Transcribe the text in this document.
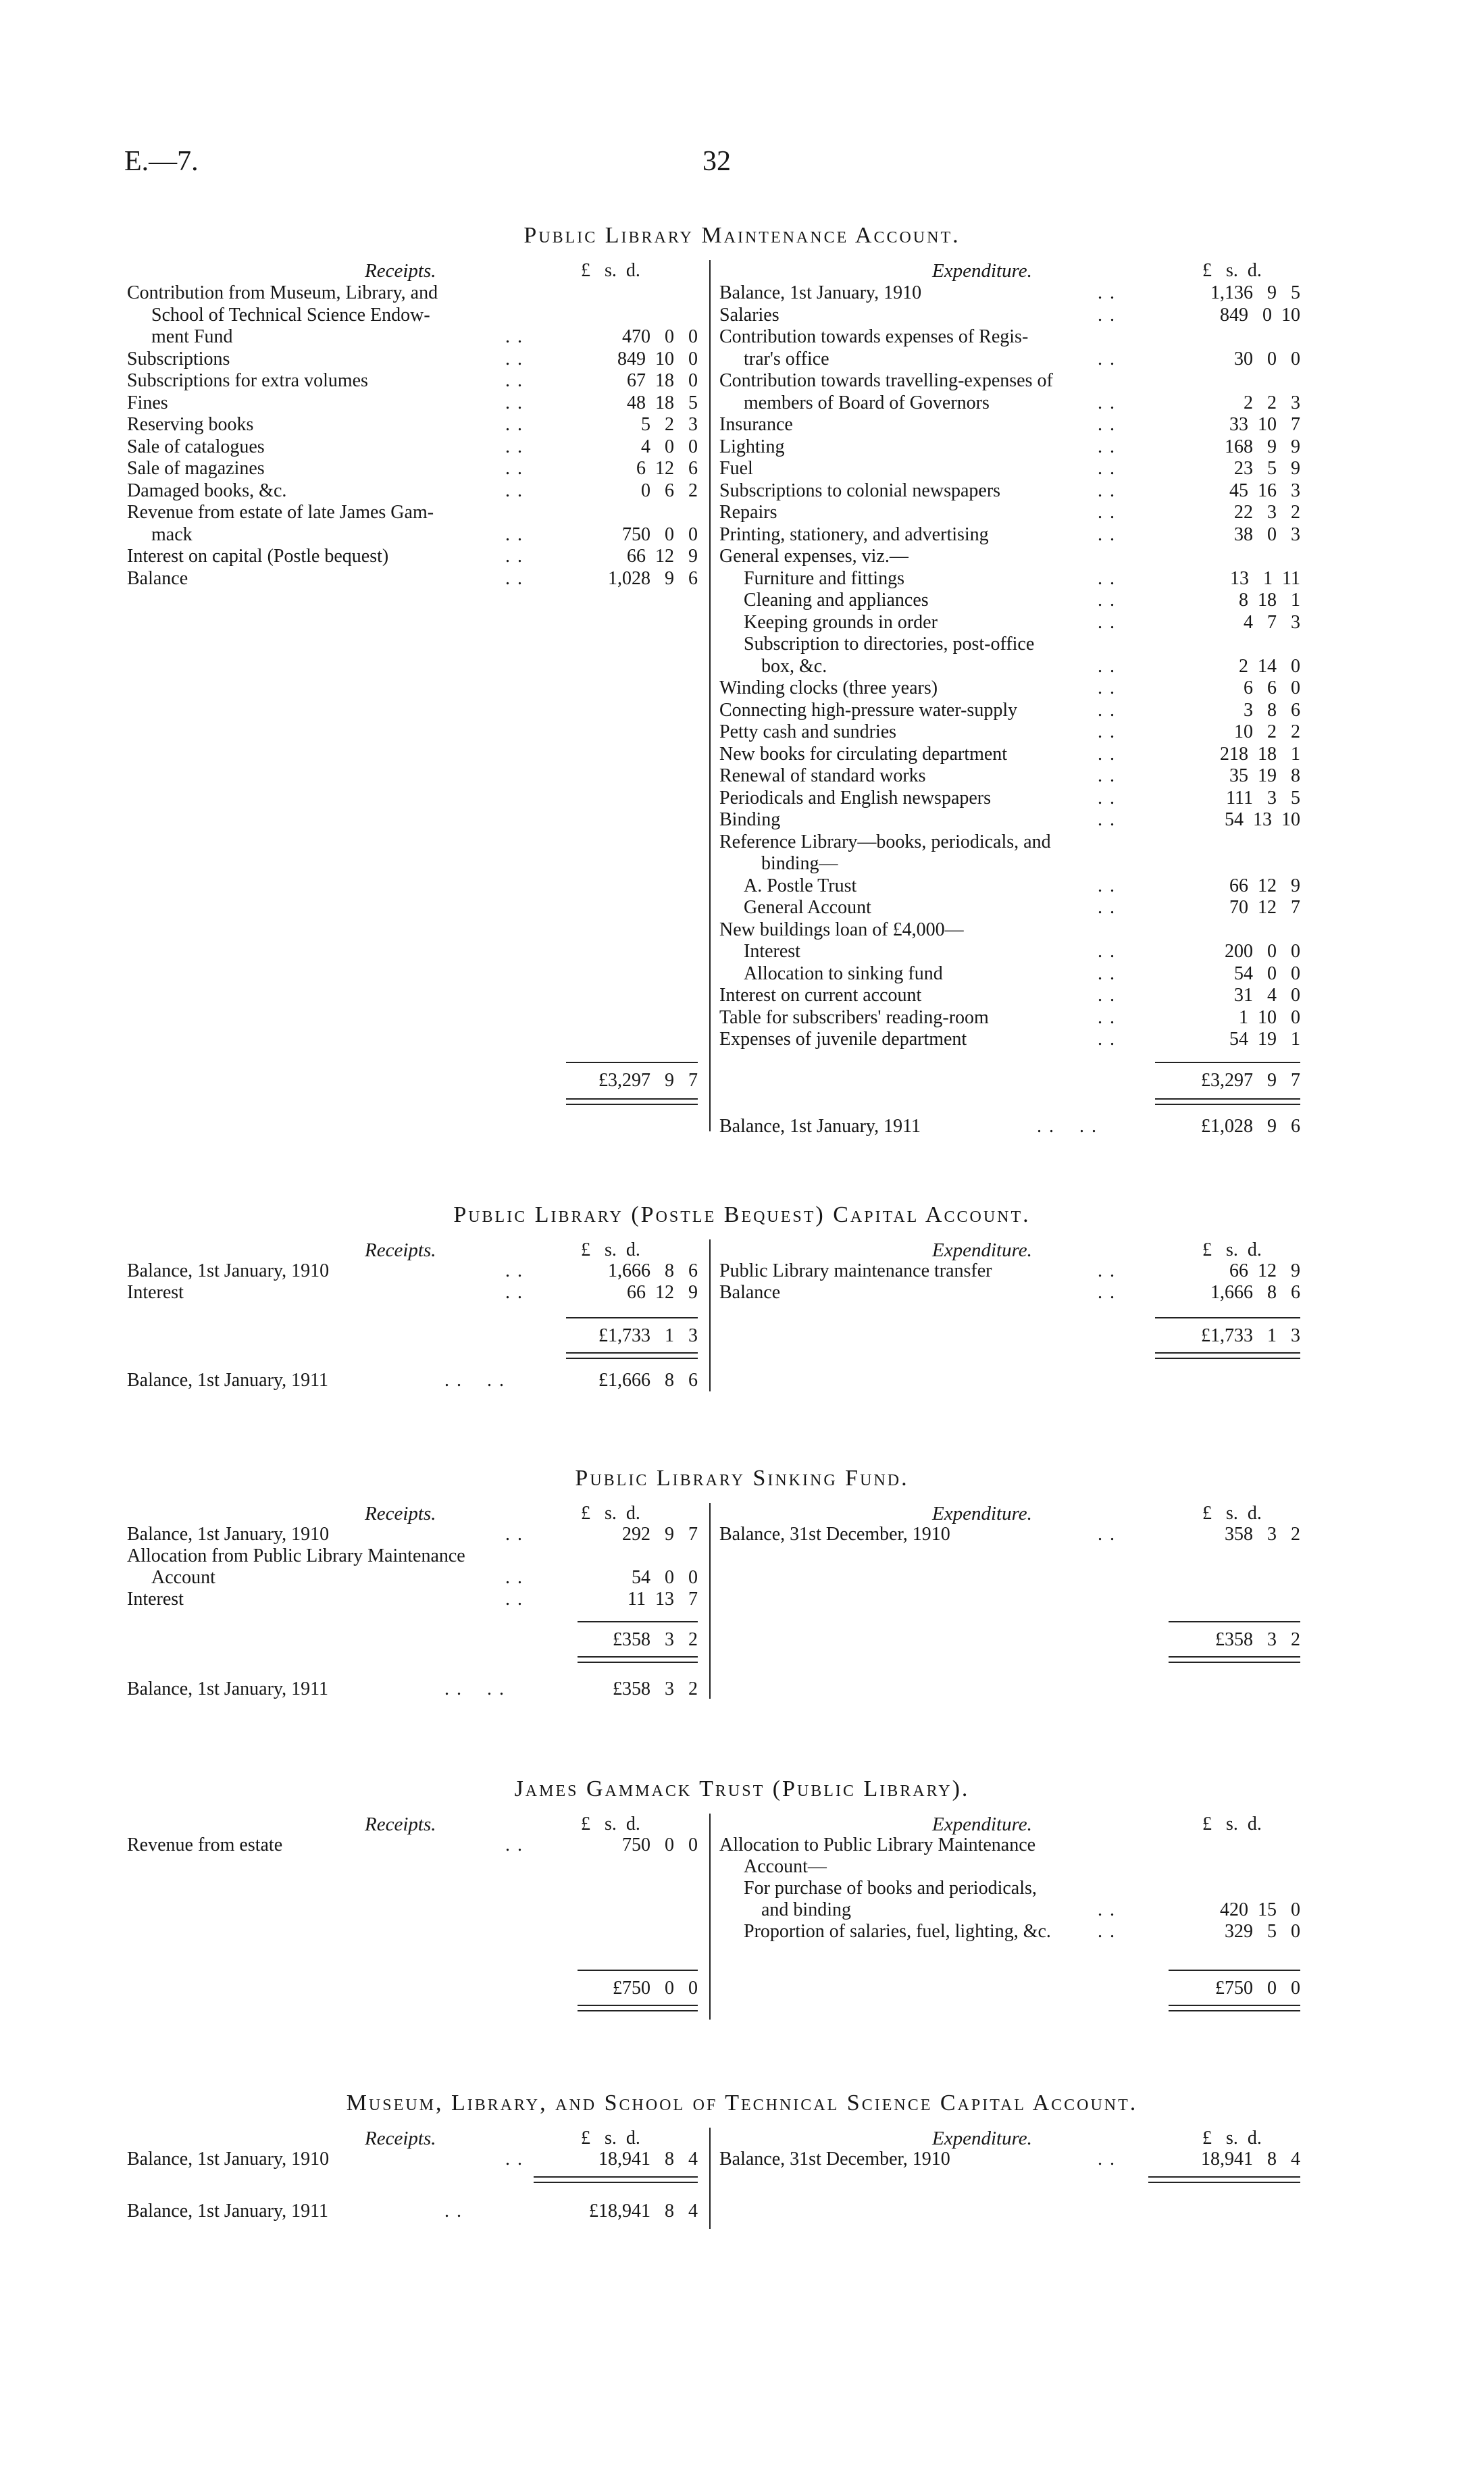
E.—7.	32
Public Library Maintenance Account.
Receipts.	£   s.  d.	Expenditure.	£   s.  d.
Contribution from Museum, Library, and
School of Technical Science Endow-
ment Fund	. .	470   0   0
Subscriptions	. .	849  10   0
Subscriptions for extra volumes	. .	67  18   0
Fines	. .	48  18   5
Reserving books	. .	5   2   3
Sale of catalogues	. .	4   0   0
Sale of magazines	. .	6  12   6
Damaged books, &c.	. .	0   6   2
Revenue from estate of late James Gam-
mack	. .	750   0   0
Interest on capital (Postle bequest)	. .	66  12   9
Balance	. .	1,028   9   6
Balance, 1st January, 1910	. .	1,136   9   5
Salaries	. .	849   0  10
Contribution towards expenses of Regis-
trar's office	. .	30   0   0
Contribution towards travelling-expenses of
members of Board of Governors	. .	2   2   3
Insurance	. .	33  10   7
Lighting	. .	168   9   9
Fuel	. .	23   5   9
Subscriptions to colonial newspapers	. .	45  16   3
Repairs	. .	22   3   2
Printing, stationery, and advertising	. .	38   0   3
General expenses, viz.—
Furniture and fittings	. .	13   1  11
Cleaning and appliances	. .	8  18   1
Keeping grounds in order	. .	4   7   3
Subscription to directories, post-office
box, &c.	. .	2  14   0
Winding clocks (three years)	. .	6   6   0
Connecting high-pressure water-supply	. .	3   8   6
Petty cash and sundries	. .	10   2   2
New books for circulating department	. .	218  18   1
Renewal of standard works	. .	35  19   8
Periodicals and English newspapers	. .	111   3   5
Binding	. .	54  13  10
Reference Library—books, periodicals, and
binding—
A. Postle Trust	. .	66  12   9
General Account	. .	70  12   7
New buildings loan of £4,000—
Interest	. .	200   0   0
Allocation to sinking fund	. .	54   0   0
Interest on current account	. .	31   4   0
Table for subscribers' reading-room	. .	1  10   0
Expenses of juvenile department	. .	54  19   1
£3,297   9   7	£3,297   9   7
Balance, 1st January, 1911	. .    . .	£1,028   9   6
Public Library (Postle Bequest) Capital Account.
Receipts.	£   s.  d.	Expenditure.	£   s.  d.
Balance, 1st January, 1910	. .	1,666   8   6
Interest	. .	66  12   9
Public Library maintenance transfer	. .	66  12   9
Balance	. .	1,666   8   6
£1,733   1   3	£1,733   1   3
Balance, 1st January, 1911	. .    . .	£1,666   8   6
Public Library Sinking Fund.
Receipts.	£   s.  d.	Expenditure.	£   s.  d.
Balance, 1st January, 1910	. .	292   9   7
Allocation from Public Library Maintenance
Account	. .	54   0   0
Interest	. .	11  13   7
Balance, 31st December, 1910	. .	358   3   2
£358   3   2	£358   3   2
Balance, 1st January, 1911	. .    . .	£358   3   2
James Gammack Trust (Public Library).
Receipts.	£   s.  d.	Expenditure.	£   s.  d.
Revenue from estate	. .	750   0   0 Allocation to Public Library Maintenance
Account—
For purchase of books and periodicals,
and binding	. .	420  15   0
Proportion of salaries, fuel, lighting, &c. . .	329   5   0
£750   0   0	£750   0   0
Museum, Library, and School of Technical Science Capital Account.
Receipts.	£   s.  d.	Expenditure.	£   s.  d.
Balance, 1st January, 1910	. .	18,941   8   4 Balance, 31st December, 1910	. .	18,941   8   4
Balance, 1st January, 1911	. .	£18,941   8   4
